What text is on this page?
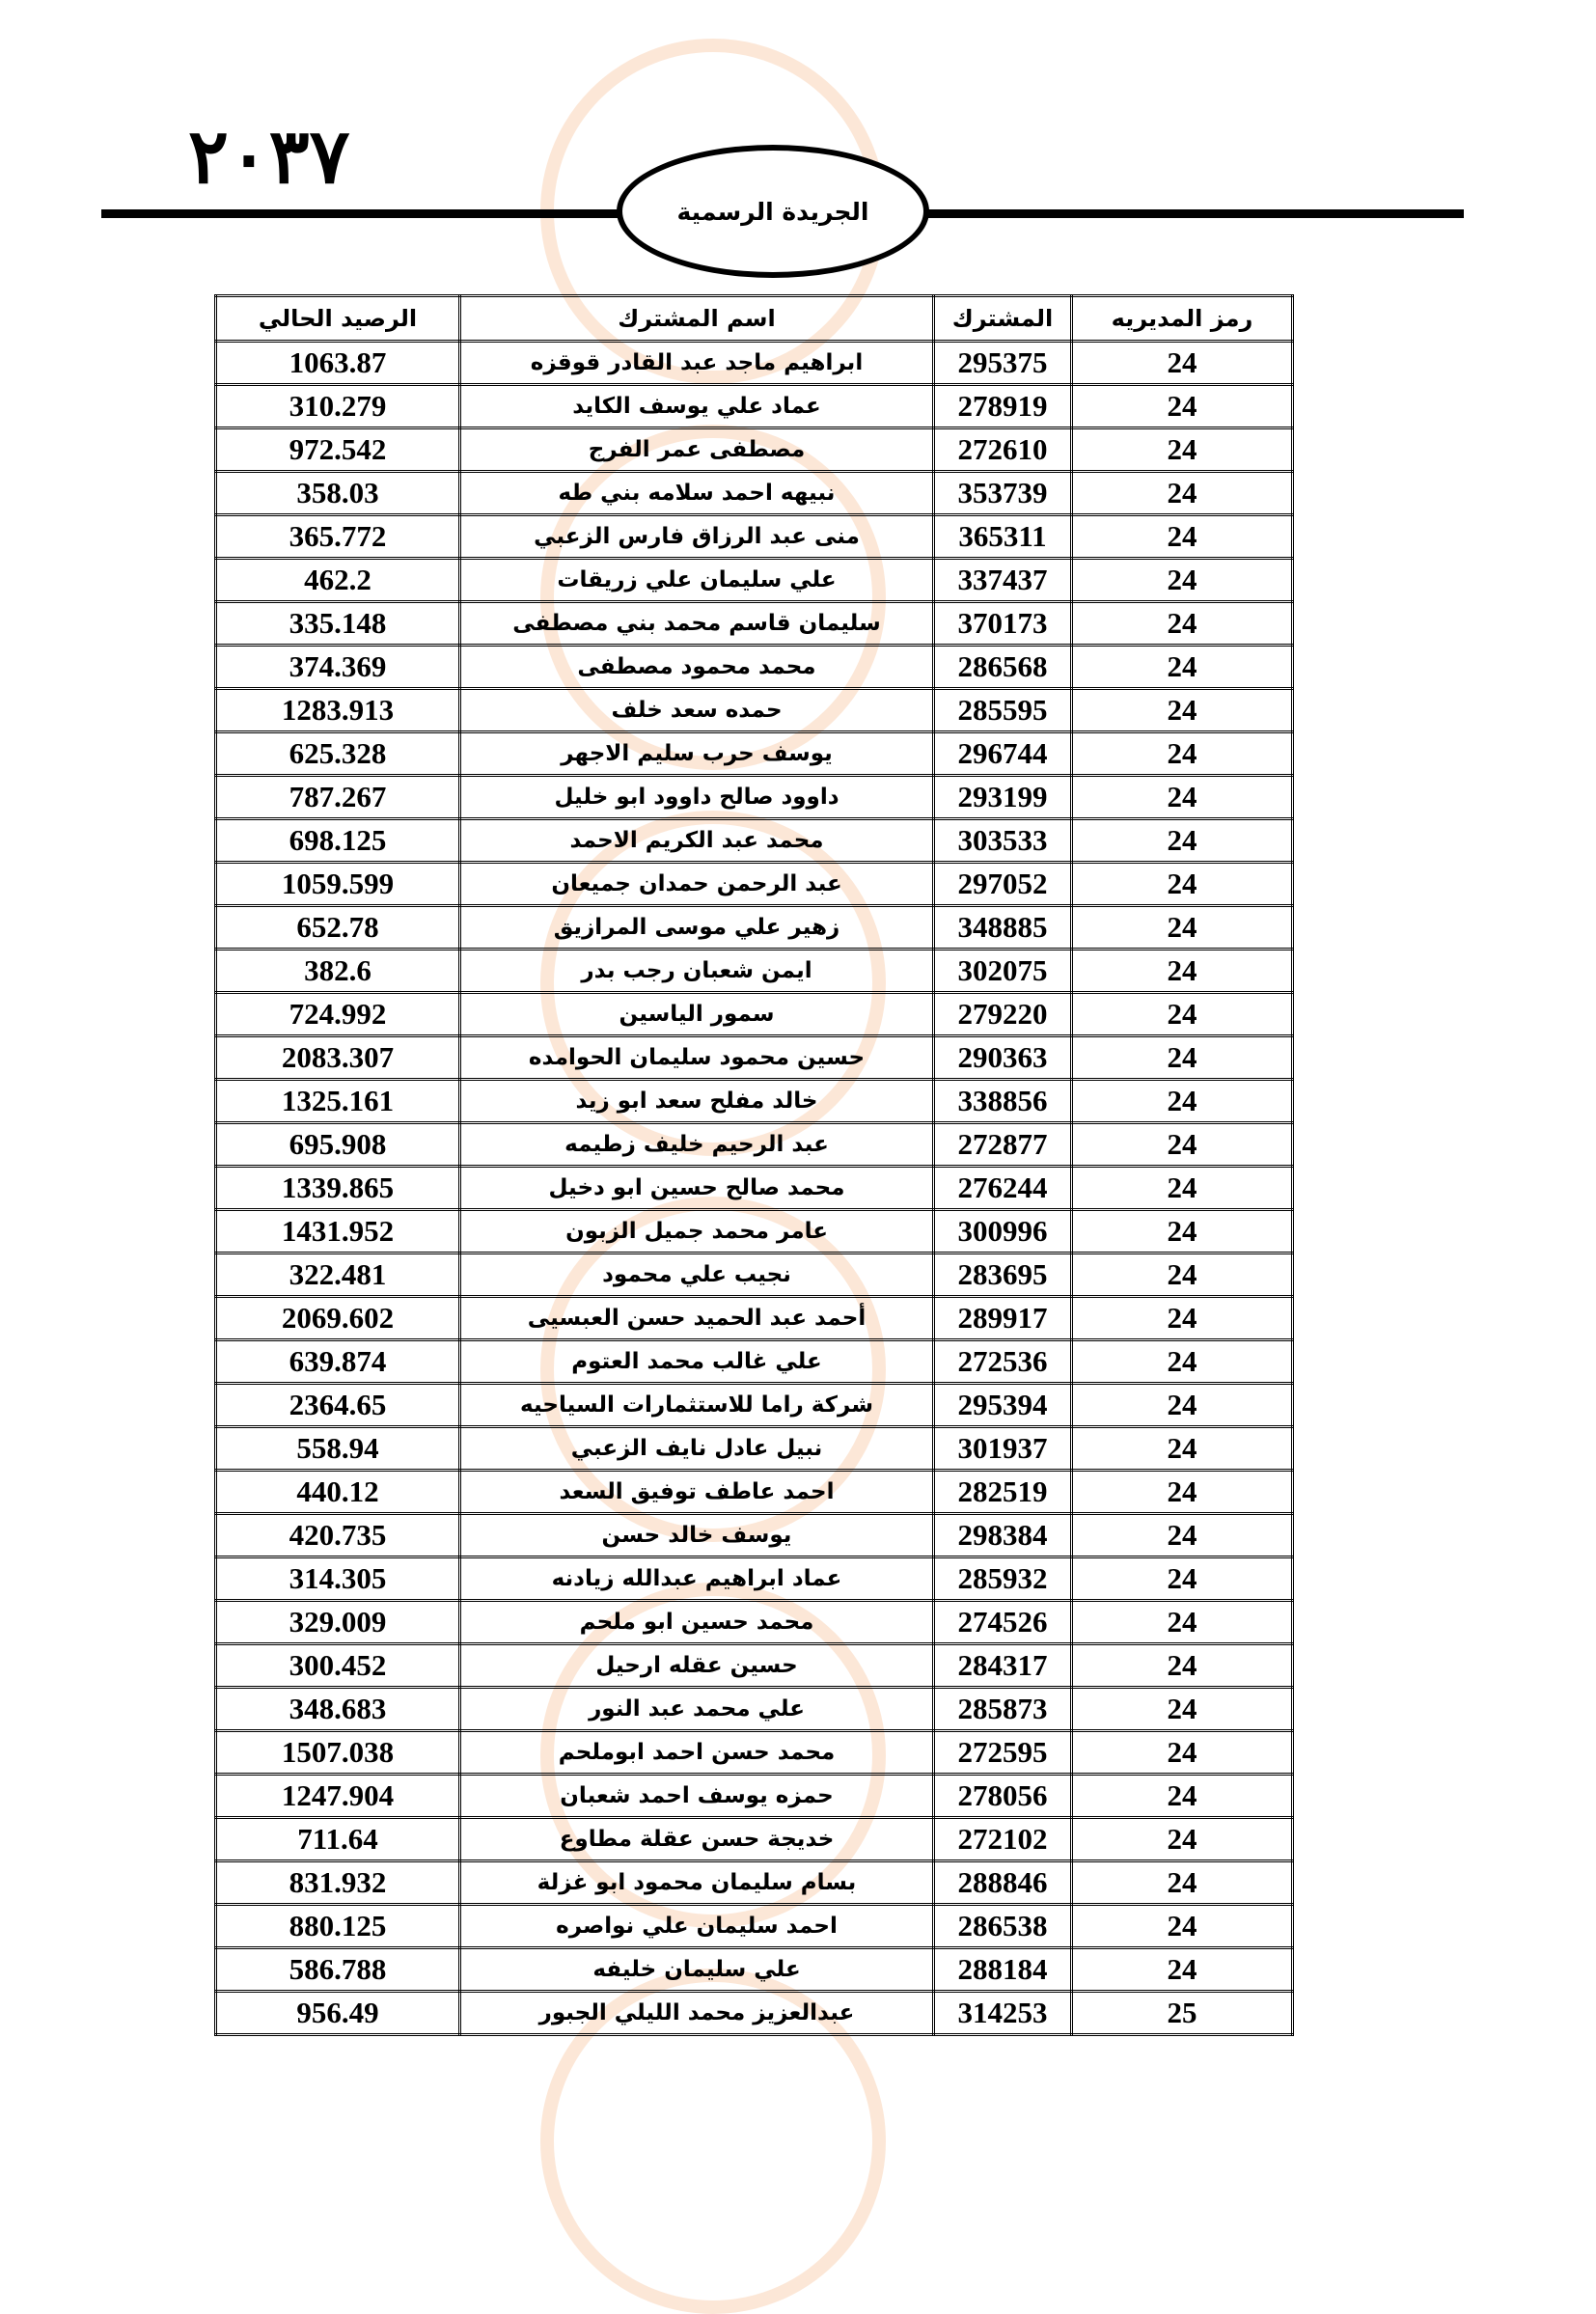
٢٠٣٧
الجريدة الرسمية
رمز المديريه	المشترك	اسم المشترك	الرصيد الحالي
24	295375	ابراهيم ماجد عبد القادر قوقزه	1063.87
24	278919	عماد علي يوسف الكايد	310.279
24	272610	مصطفى عمر الفرج	972.542
24	353739	نبيهه احمد سلامه بني طه	358.03
24	365311	منى عبد الرزاق فارس الزعبي	365.772
24	337437	علي سليمان علي زريقات	462.2
24	370173	سليمان قاسم محمد بني مصطفى	335.148
24	286568	محمد محمود مصطفى	374.369
24	285595	حمده سعد خلف	1283.913
24	296744	يوسف حرب سليم الاجهر	625.328
24	293199	داوود صالح داوود ابو خليل	787.267
24	303533	محمد عبد الكريم الاحمد	698.125
24	297052	عبد الرحمن حمدان جميعان	1059.599
24	348885	زهير علي موسى المرازيق	652.78
24	302075	ايمن شعبان رجب بدر	382.6
24	279220	سمور الياسين	724.992
24	290363	حسين محمود سليمان الحوامده	2083.307
24	338856	خالد مفلح سعد ابو زيد	1325.161
24	272877	عبد الرحيم خليف زطيمه	695.908
24	276244	محمد صالح حسين ابو دخيل	1339.865
24	300996	عامر محمد جميل الزبون	1431.952
24	283695	نجيب علي محمود	322.481
24	289917	أحمد عبد الحميد حسن العبسيى	2069.602
24	272536	علي غالب محمد العتوم	639.874
24	295394	شركة راما للاستثمارات السياحيه	2364.65
24	301937	نبيل عادل نايف الزعبي	558.94
24	282519	احمد عاطف توفيق السعد	440.12
24	298384	يوسف خالد حسن	420.735
24	285932	عماد ابراهيم عبدالله زيادنه	314.305
24	274526	محمد حسين ابو ملحم	329.009
24	284317	حسين عقله ارحيل	300.452
24	285873	علي محمد عبد النور	348.683
24	272595	محمد حسن احمد ابوملحم	1507.038
24	278056	حمزه يوسف احمد شعبان	1247.904
24	272102	خديجة حسن عقلة مطاوع	711.64
24	288846	بسام سليمان محمود ابو غزلة	831.932
24	286538	احمد سليمان علي نواصره	880.125
24	288184	علي سليمان خليفه	586.788
25	314253	عبدالعزيز محمد الليلي الجبور	956.49
